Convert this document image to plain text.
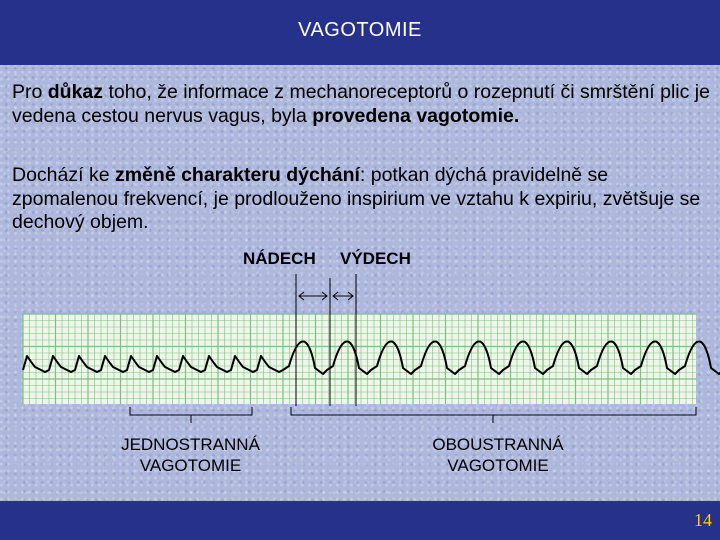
VAGOTOMIE
Pro důkaz toho, že informace z mechanoreceptorů o rozepnutí či smrštění plic je vedena cestou nervus vagus, byla provedena vagotomie.
Dochází ke změně charakteru dýchání: potkan dýchá pravidelně se zpomalenou frekvencí, je prodlouženo inspirium ve vztahu k expiriu, zvětšuje se dechový objem.
NÁDECH VÝDECH
JEDNOSTRANNÁ
VAGOTOMIE
OBOUSTRANNÁ
VAGOTOMIE
14
